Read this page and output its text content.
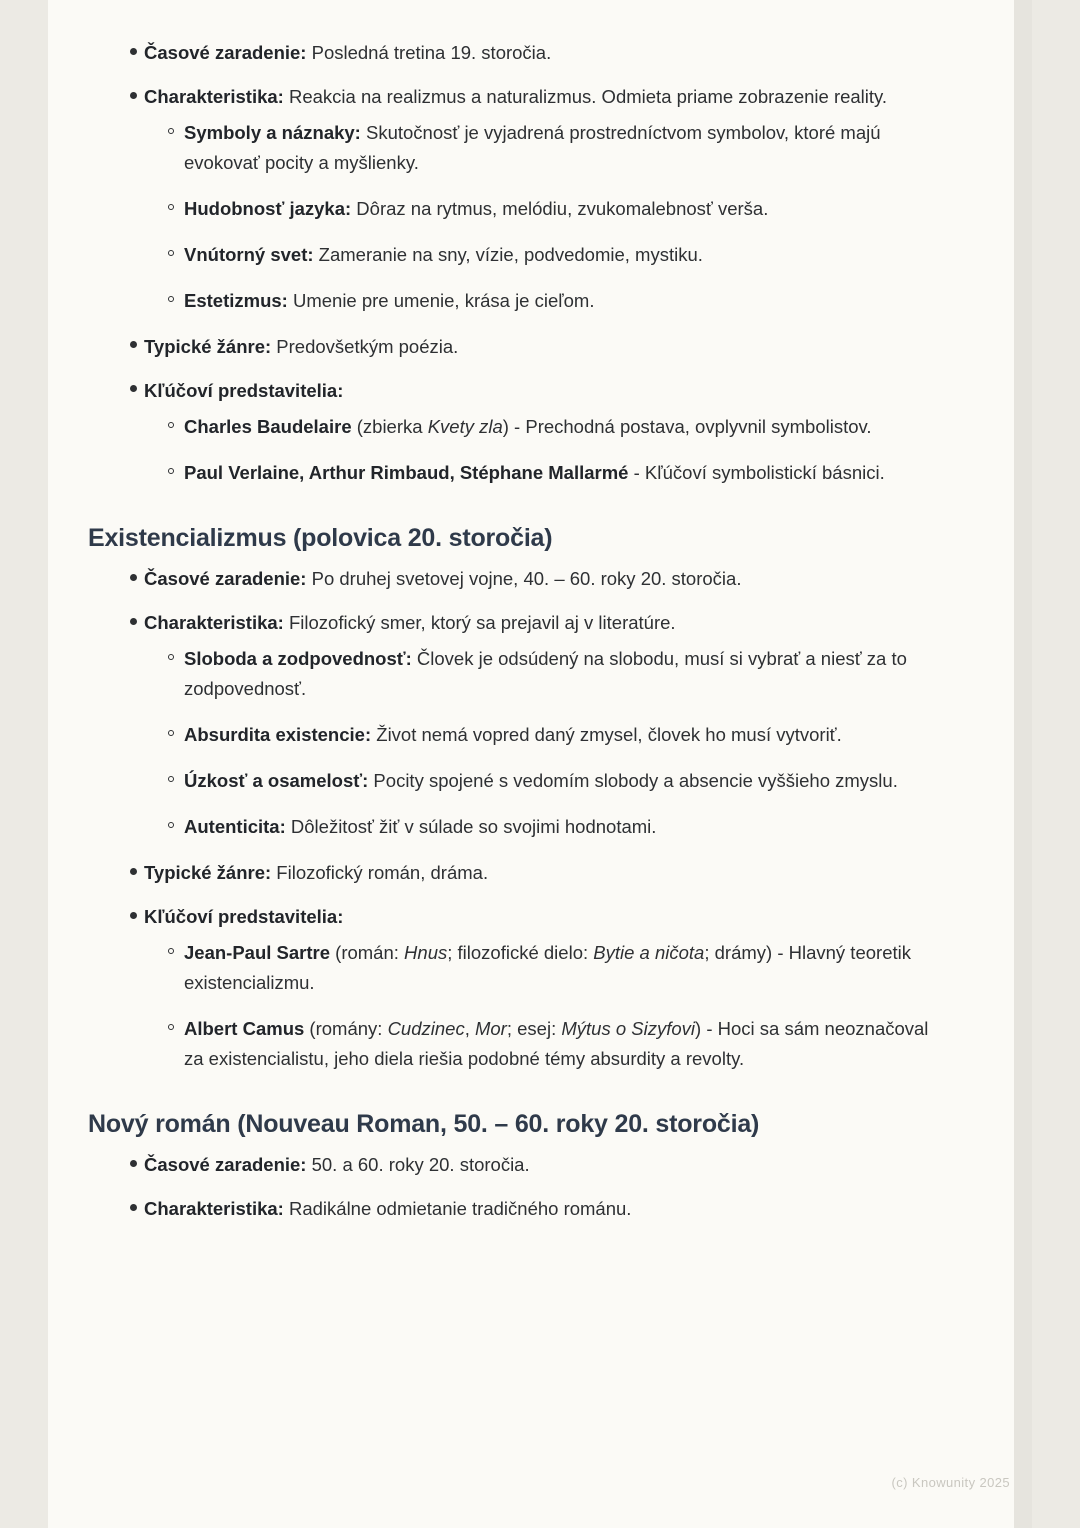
Časové zaradenie: Posledná tretina 19. storočia.
Charakteristika: Reakcia na realizmus a naturalizmus. Odmieta priame zobrazenie reality.
Symboly a náznaky: Skutočnosť je vyjadrená prostredníctvom symbolov, ktoré majú evokovať pocity a myšlienky.
Hudobnosť jazyka: Dôraz na rytmus, melódiu, zvukomalebnosť verša.
Vnútorný svet: Zameranie na sny, vízie, podvedomie, mystiku.
Estetizmus: Umenie pre umenie, krása je cieľom.
Typické žánre: Predovšetkým poézia.
Kľúčoví predstavitelia:
Charles Baudelaire (zbierka Kvety zla) - Prechodná postava, ovplyvnil symbolistov.
Paul Verlaine, Arthur Rimbaud, Stéphane Mallarmé - Kľúčoví symbolistickí básnici.
Existencializmus (polovica 20. storočia)
Časové zaradenie: Po druhej svetovej vojne, 40. – 60. roky 20. storočia.
Charakteristika: Filozofický smer, ktorý sa prejavil aj v literatúre.
Sloboda a zodpovednosť: Človek je odsúdený na slobodu, musí si vybrať a niesť za to zodpovednosť.
Absurdita existencie: Život nemá vopred daný zmysel, človek ho musí vytvoriť.
Úzkosť a osamelosť: Pocity spojené s vedomím slobody a absencie vyššieho zmyslu.
Autenticita: Dôležitosť žiť v súlade so svojimi hodnotami.
Typické žánre: Filozofický román, dráma.
Kľúčoví predstavitelia:
Jean-Paul Sartre (román: Hnus; filozofické dielo: Bytie a ničota; drámy) - Hlavný teoretik existencializmu.
Albert Camus (romány: Cudzinec, Mor; esej: Mýtus o Sizyfovi) - Hoci sa sám neoznačoval za existencialistu, jeho diela riešia podobné témy absurdity a revolty.
Nový román (Nouveau Roman, 50. – 60. roky 20. storočia)
Časové zaradenie: 50. a 60. roky 20. storočia.
Charakteristika: Radikálne odmietanie tradičného románu.
(c) Knowunity 2025
